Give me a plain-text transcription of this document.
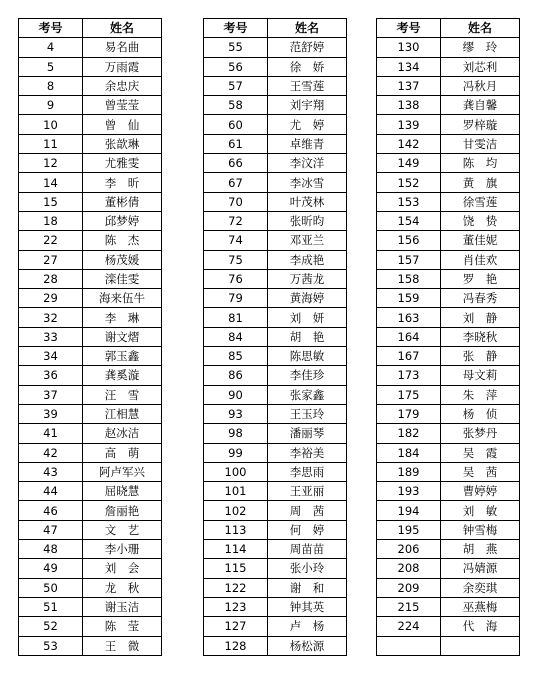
考号	姓名
4	易名曲
5	万雨霞
8	余忠庆
9	曾莹莹
10	曾　仙
11	张歆琳
12	尤雅雯
14	李　昕
15	董彬倩
18	邱梦婷
22	陈　杰
27	杨茂媛
28	滦佳雯
29	海来伍牛
32	李　琳
33	谢文熠
34	郭玉鑫
36	龚奚漩
37	汪　雪
39	江相慧
41	赵冰洁
42	高　萌
43	阿卢军兴
44	屈晓慧
46	詹丽艳
47	文　艺
48	李小珊
49	刘　会
50	龙　秋
51	谢玉洁
52	陈　莹
53	王　微
考号	姓名
55	范舒婷
56	徐　娇
57	王雪莲
58	刘宇翔
60	尤　婷
61	卓维青
66	李汶洋
67	李冰雪
70	叶茂林
72	张昕昀
74	邓亚兰
75	李成艳
76	万茜龙
79	黄海婷
81	刘　妍
84	胡　艳
85	陈思敏
86	李佳珍
90	张家鑫
93	王玉玲
98	潘丽琴
99	李裕美
100	李思雨
101	王亚丽
102	周　茜
113	何　婷
114	周苗苗
115	张小玲
122	谢　和
123	钟其英
127	卢　杨
128	杨松源
考号	姓名
130	缪　玲
134	刘芯利
137	冯秋月
138	龚自馨
139	罗梓璇
142	甘雯洁
149	陈　均
152	黄　旗
153	徐雪莲
154	饶　贽
156	董佳妮
157	肖佳欢
158	罗　艳
159	冯春秀
163	刘　静
164	李晓秋
167	张　静
173	母文莉
175	朱　萍
179	杨　侦
182	张梦丹
184	吴　霞
189	吴　茜
193	曹婷婷
194	刘　敏
195	钟雪梅
206	胡　燕
208	冯婧源
209	余奕琪
215	巫燕梅
224	代　海
